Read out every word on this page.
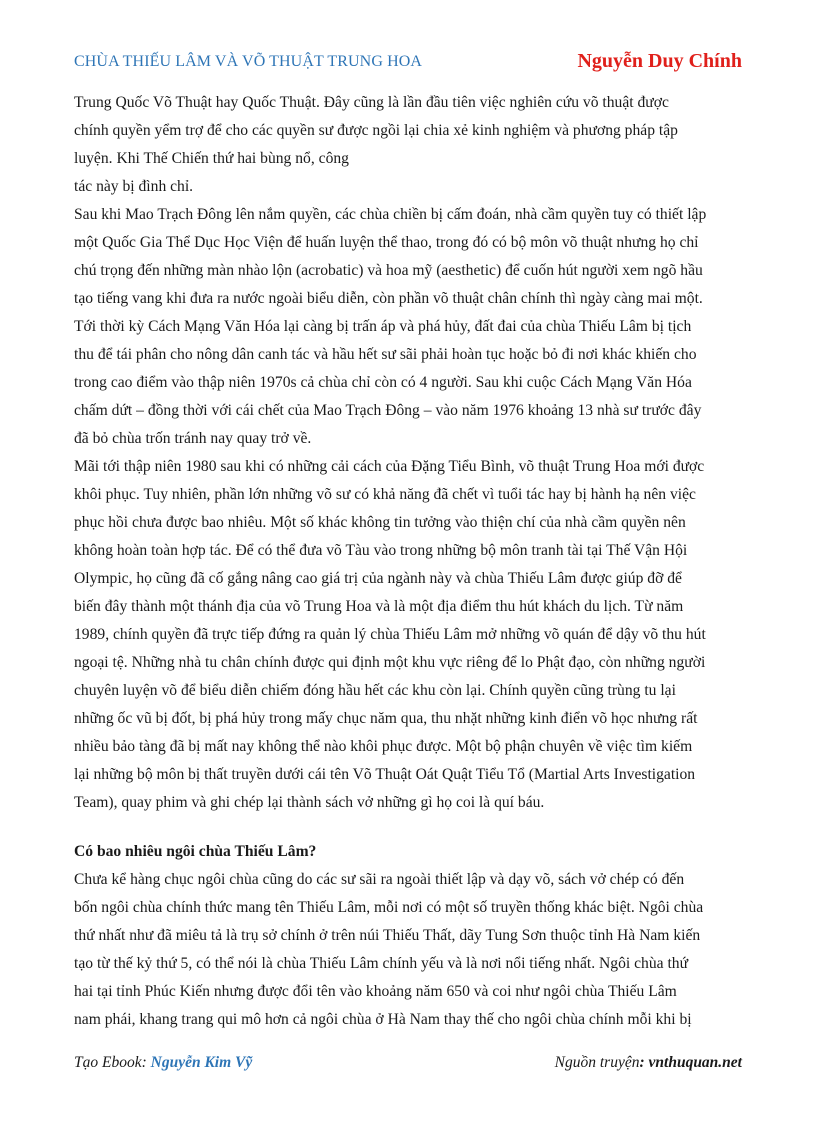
CHÙA THIẾU LÂM VÀ VÕ THUẬT TRUNG HOA	Nguyễn Duy Chính
Trung Quốc Võ Thuật hay Quốc Thuật. Đây cũng là lần đầu tiên việc nghiên cứu võ thuật được
chính quyền yểm trợ để cho các quyền sư được ngồi lại chia xẻ kinh nghiệm và phương pháp tập
luyện. Khi Thế Chiến thứ hai bùng nổ, công
tác này bị đình chỉ.
Sau khi Mao Trạch Đông lên nắm quyền, các chùa chiền bị cấm đoán, nhà cầm quyền tuy có thiết lập
một Quốc Gia Thể Dục Học Viện để huấn luyện thể thao, trong đó có bộ môn võ thuật nhưng họ chỉ
chú trọng đến những màn nhào lộn (acrobatic) và hoa mỹ (aesthetic) để cuốn hút người xem ngõ hầu
tạo tiếng vang khi đưa ra nước ngoài biểu diễn, còn phần võ thuật chân chính thì ngày càng mai một.
Tới thời kỳ Cách Mạng Văn Hóa lại càng bị trấn áp và phá hủy, đất đai của chùa Thiếu Lâm bị tịch
thu để tái phân cho nông dân canh tác và hầu hết sư sãi phải hoàn tục hoặc bỏ đi nơi khác khiến cho
trong cao điểm vào thập niên 1970s cả chùa chỉ còn có 4 người. Sau khi cuộc Cách Mạng Văn Hóa
chấm dứt – đồng thời với cái chết của Mao Trạch Đông – vào năm 1976 khoảng 13 nhà sư trước đây
đã bỏ chùa trốn tránh nay quay trở về.
Mãi tới thập niên 1980 sau khi có những cải cách của Đặng Tiểu Bình, võ thuật Trung Hoa mới được
khôi phục. Tuy nhiên, phần lớn những võ sư có khả năng đã chết vì tuổi tác hay bị hành hạ nên việc
phục hồi chưa được bao nhiêu. Một số khác không tin tưởng vào thiện chí của nhà cầm quyền nên
không hoàn toàn hợp tác. Để có thể đưa võ Tàu vào trong những bộ môn tranh tài tại Thế Vận Hội
Olympic, họ cũng đã cố gắng nâng cao giá trị của ngành này và chùa Thiếu Lâm được giúp đỡ để
biến đây thành một thánh địa của võ Trung Hoa và là một địa điểm thu hút khách du lịch. Từ năm
1989, chính quyền đã trực tiếp đứng ra quản lý chùa Thiếu Lâm mở những võ quán để dậy võ thu hút
ngoại tệ. Những nhà tu chân chính được qui định một khu vực riêng để lo Phật đạo, còn những người
chuyên luyện võ để biểu diễn chiếm đóng hầu hết các khu còn lại. Chính quyền cũng trùng tu lại
những ốc vũ bị đốt, bị phá hủy trong mấy chục năm qua, thu nhặt những kinh điển võ học nhưng rất
nhiều bảo tàng đã bị mất nay không thể nào khôi phục được. Một bộ phận chuyên về việc tìm kiếm
lại những bộ môn bị thất truyền dưới cái tên Võ Thuật Oát Quật Tiểu Tổ (Martial Arts Investigation
Team), quay phim và ghi chép lại thành sách vở những gì họ coi là quí báu.
Có bao nhiêu ngôi chùa Thiếu Lâm?
Chưa kể hàng chục ngôi chùa cũng do các sư sãi ra ngoài thiết lập và dạy võ, sách vở chép có đến
bốn ngôi chùa chính thức mang tên Thiếu Lâm, mỗi nơi có một số truyền thống khác biệt. Ngôi chùa
thứ nhất như đã miêu tả là trụ sở chính ở trên núi Thiếu Thất, dãy Tung Sơn thuộc tỉnh Hà Nam kiến
tạo từ thế kỷ thứ 5, có thể nói là chùa Thiếu Lâm chính yếu và là nơi nổi tiếng nhất. Ngôi chùa thứ
hai tại tỉnh Phúc Kiến nhưng được đổi tên vào khoảng năm 650 và coi như ngôi chùa Thiếu Lâm
nam phái, khang trang qui mô hơn cả ngôi chùa ở Hà Nam thay thế cho ngôi chùa chính mỗi khi bị
Tạo Ebook: Nguyễn Kim Vỹ	Nguồn truyện: vnthuquan.net
